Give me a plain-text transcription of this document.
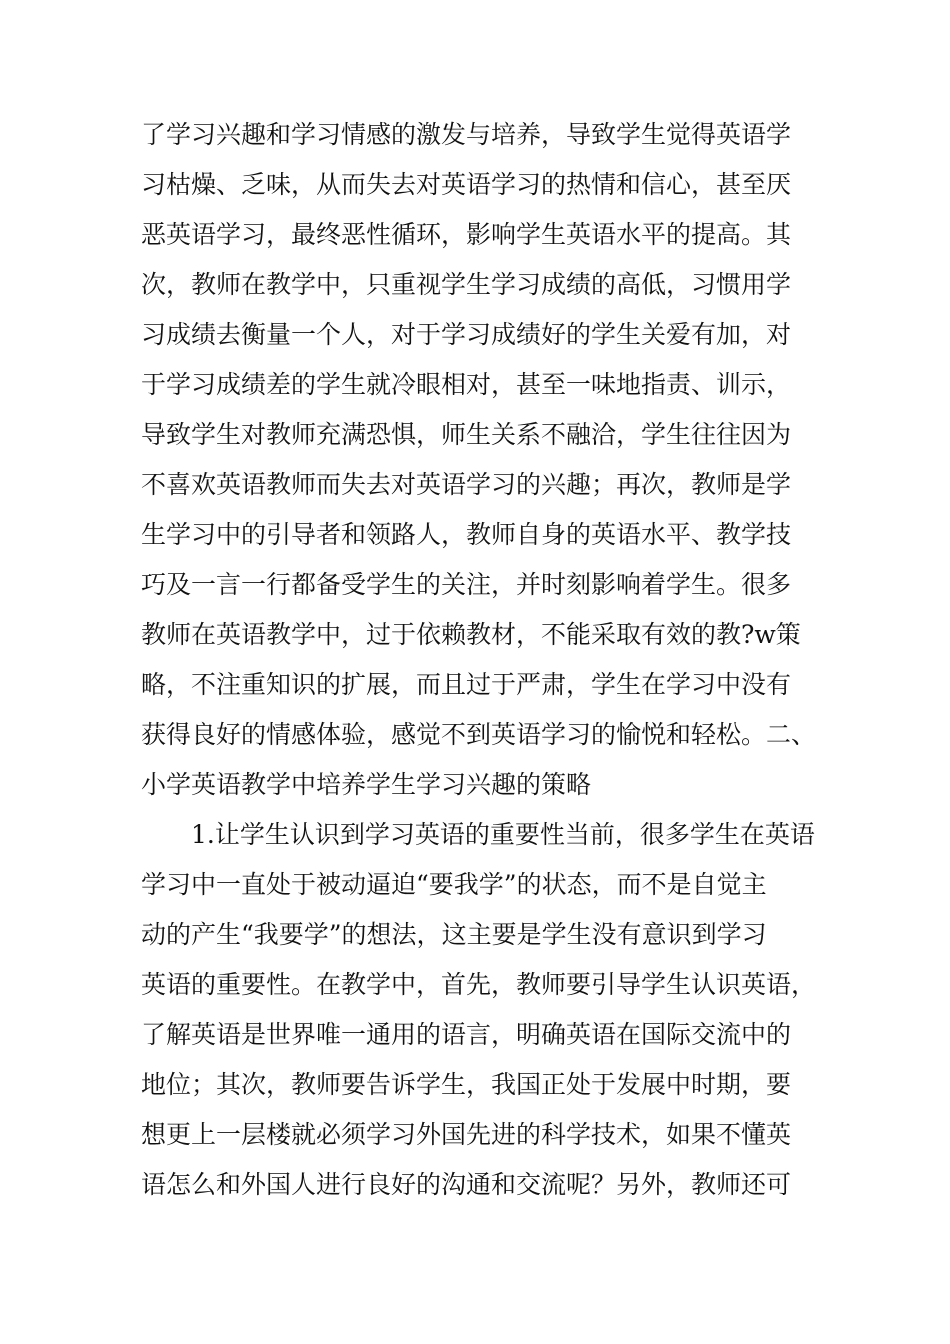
了学习兴趣和学习情感的激发与培养，导致学生觉得英语学
习枯燥、乏味，从而失去对英语学习的热情和信心，甚至厌
恶英语学习，最终恶性循环，影响学生英语水平的提高。其
次，教师在教学中，只重视学生学习成绩的高低，习惯用学
习成绩去衡量一个人，对于学习成绩好的学生关爱有加，对
于学习成绩差的学生就冷眼相对，甚至一味地指责、训示，
导致学生对教师充满恐惧，师生关系不融洽，学生往往因为
不喜欢英语教师而失去对英语学习的兴趣；再次，教师是学
生学习中的引导者和领路人，教师自身的英语水平、教学技
巧及一言一行都备受学生的关注，并时刻影响着学生。很多
教师在英语教学中，过于依赖教材，不能采取有效的教?w策
略，不注重知识的扩展，而且过于严肃，学生在学习中没有
获得良好的情感体验，感觉不到英语学习的愉悦和轻松。二、
小学英语教学中培养学生学习兴趣的策略
　　1.让学生认识到学习英语的重要性当前，很多学生在英语
学习中一直处于被动逼迫“要我学”的状态，而不是自觉主
动的产生“我要学”的想法，这主要是学生没有意识到学习
英语的重要性。在教学中，首先，教师要引导学生认识英语，
了解英语是世界唯一通用的语言，明确英语在国际交流中的
地位；其次，教师要告诉学生，我国正处于发展中时期，要
想更上一层楼就必须学习外国先进的科学技术，如果不懂英
语怎么和外国人进行良好的沟通和交流呢？另外，教师还可
